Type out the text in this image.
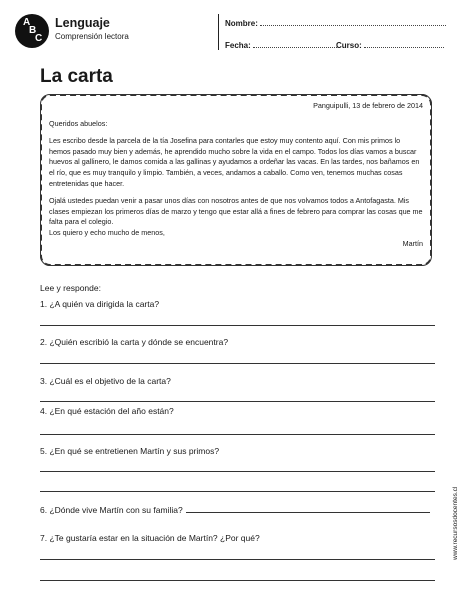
A
B
C
Lenguaje
Comprensión lectora
Nombre:
Fecha:	Curso:
La carta
Panguipulli, 13 de febrero de 2014
Queridos abuelos:

Les escribo desde la parcela de la tía Josefina para contarles que estoy muy contento aquí. Con mis primos lo hemos pasado muy bien y además, he aprendido mucho sobre la vida en el campo. Todos los días vamos a buscar huevos al gallinero, le damos comida a las gallinas y ayudamos a ordeñar las vacas. En las tardes, nos bañamos en el río, que es muy tranquilo y limpio. También, a veces, andamos a caballo. Como ven, tenemos muchas cosas entretenidas que hacer.

Ojalá ustedes puedan venir a pasar unos días con nosotros antes de que nos volvamos todos a Antofagasta. Mis clases empiezan los primeros días de marzo y tengo que estar allá a fines de febrero para comprar las cosas que me falta para el colegio.
Los quiero y echo mucho de menos,
Martín
Lee y responde:
1. ¿A quién va dirigida la carta?
2. ¿Quién escribió la carta y dónde se encuentra?
3. ¿Cuál es el objetivo de la carta?
4. ¿En qué estación del año están?
5. ¿En qué se entretienen Martín y sus primos?
6. ¿Dónde vive Martín con su familia?
7. ¿Te gustaría estar en la situación de Martín? ¿Por qué?	www.recursosdocentes.cl
